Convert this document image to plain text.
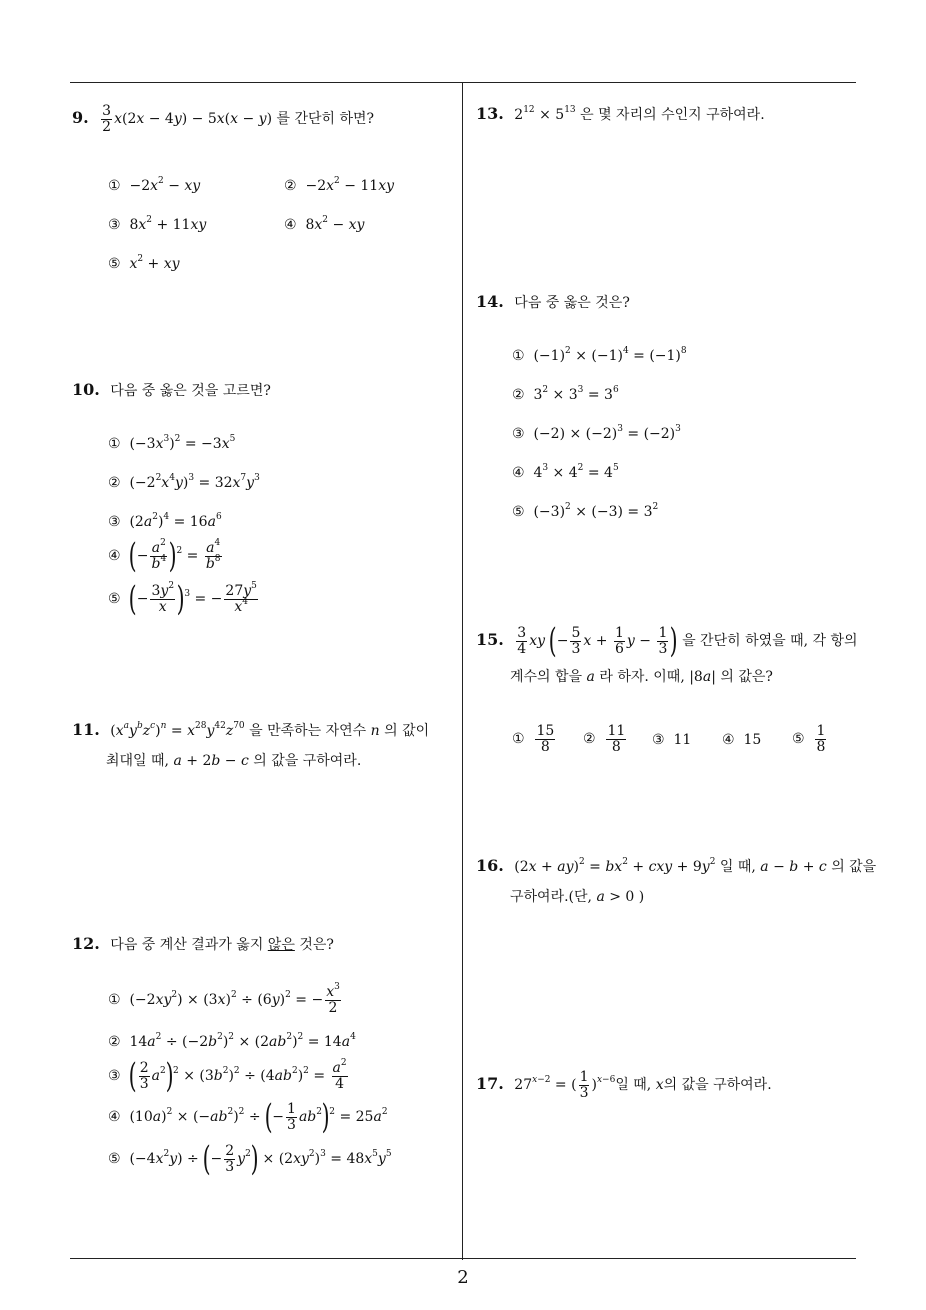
9. $\frac{3}{2} x(2x - 4y) - 5x(x - y)$ 를 간단히 하면?
①  $-2x^2$ − xy	②  $-2x^2 - 11xy$
③  $8x^2 + 11xy$	④  $8x^2$ − xy
⑤ $x^2$ + xy
10. 다음 중 옳은 것을 고르면?
①  $(-3x^3)^2 = -3x^5$
②  $(-2^2x^4y)^3 = 32x^7y^3$
③  $(2a^2)^4 = 16a^6$
④ (− $\frac{a^2}{b^4} )^2 = \frac{a^4}{b^8}$
⑤ (− $\frac{3y^2}{x} )^3$ = − $\frac{27y^5}{x^4}$
11. $(x^ay^bz^c)^n = x^{28}y^{42}z^{70}$ 을 만족하는 자연수 n 의 값이
최대일 때, a + 2b − c 의 값을 구하여라.
12. 다음 중 계산 결과가 옳지 않은 것은?
①  $(-2xy^2) \times (3x)^2 \div (6y)^2$ = − $\frac{x^3}{2}$
②  $14a^2 \div (-2b^2)^2 \times (2ab^2)^2 = 14a^4$
③ ( $\frac{2}{3} a^2)^2 \times (3b^2)^2 \div (4ab^2)^2 = \frac{a^2}{4}$
④  $(10a)^2 \times (-ab^2)^2$ ÷ (− $\frac{1}{3} ab^2)^2 = 25a^2$
⑤  $(-4x^2y)$ ÷ (− $\frac{2}{3} y^2) \times (2xy^2)^3 = 48x^5y^5$
13. $2^{12} \times 5^{13}$ 은 몇 자리의 수인지 구하여라.
14. 다음 중 옳은 것은?
①  $(-1)^2 \times (-1)^4 = (-1)^8$
②  $3^2 \times 3^3 = 3^6$
③  $(-2) \times (-2)^3 = (-2)^3$
④  $4^3 \times 4^2 = 4^5$
⑤  $(-3)^2 \times (-3) = 3^2$
15. $\frac{3}{4}$ xy (− $\frac{5}{3}$ $x + \frac{1}{6}$ $y - \frac{1}{3}$ ) 을 간단히 하였을 때, 각 항의
계수의 합을 a 라 하자. 이때, |8a| 의 값은?
① $\frac{15}{8}$ ② $\frac{11}{8}$ ③  11 ④  15 ⑤ $\frac{1}{8}$
16. $(2x + ay)^2 = bx^2$ + cxy + $9y^2$ 일 때, a − b + c 의 값을
구하여라.(단, a > 0 )
17. $27^{x-2}$ = ( $\frac{1}{3} )^{x-6}$일 때, x의 값을 구하여라.
2
